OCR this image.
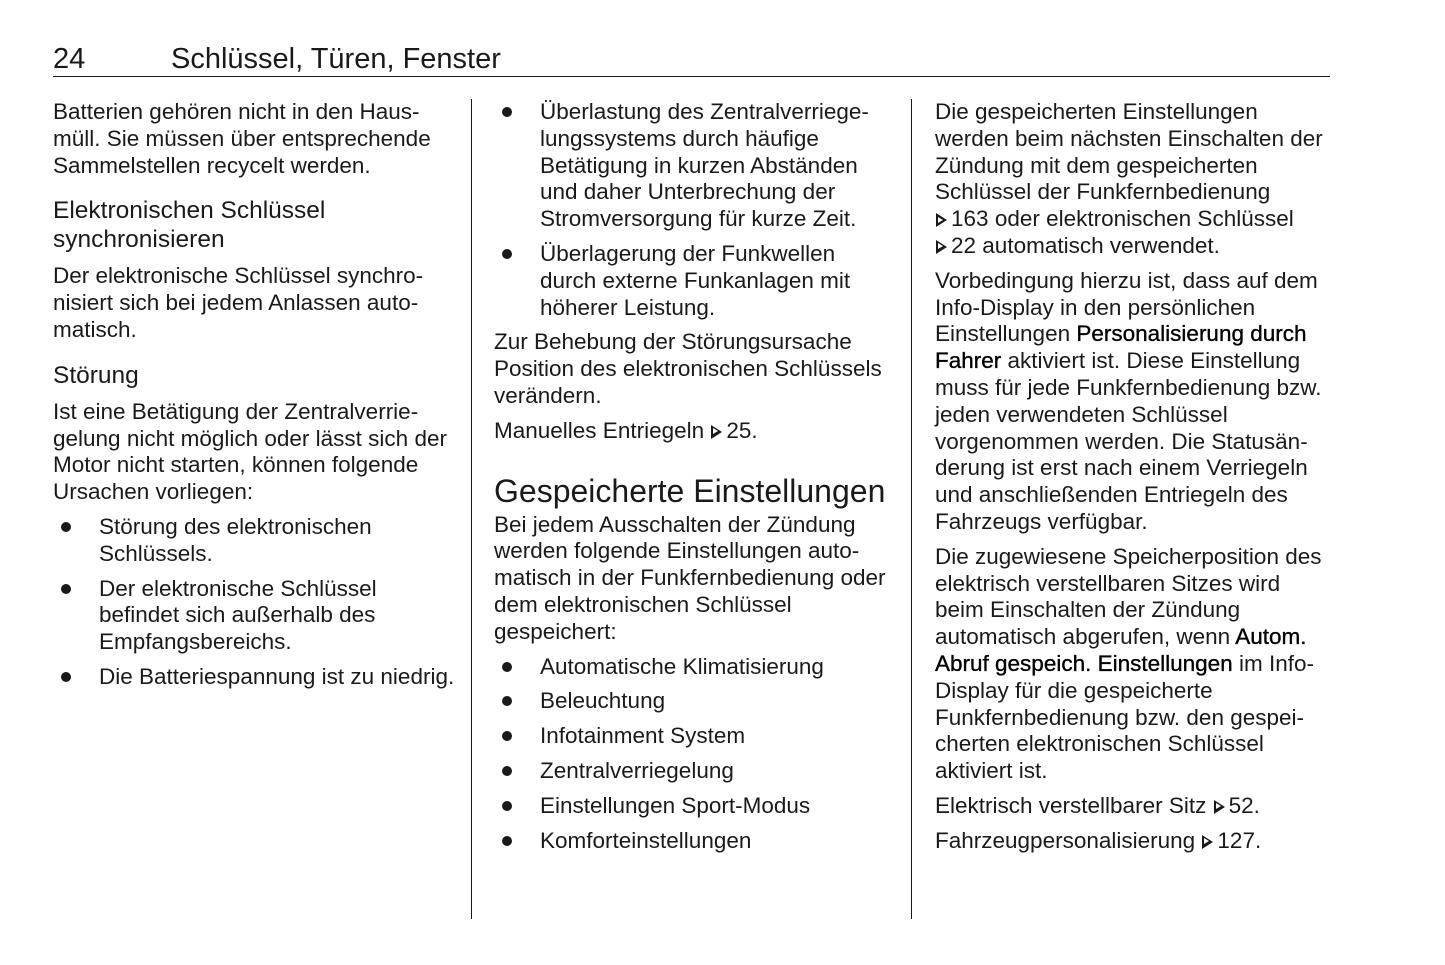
24	Schlüssel, Türen, Fenster

Batterien gehören nicht in den Hausmüll. Sie müssen über entsprechende Sammelstellen recycelt werden.

Elektronischen Schlüssel synchronisieren

Der elektronische Schlüssel synchronisiert sich bei jedem Anlassen automatisch.

Störung

Ist eine Betätigung der Zentralverriegelung nicht möglich oder lässt sich der Motor nicht starten, können folgende Ursachen vorliegen:

Störung des elektronischen Schlüssels.
Der elektronische Schlüssel befindet sich außerhalb des Empfangsbereichs.
Die Batteriespannung ist zu niedrig.
Überlastung des Zentralverriegelungssystems durch häufige Betätigung in kurzen Abständen und daher Unterbrechung der Stromversorgung für kurze Zeit.
Überlagerung der Funkwellen durch externe Funkanlagen mit höherer Leistung.

Zur Behebung der Störungsursache Position des elektronischen Schlüssels verändern.

Manuelles Entriegeln 25.

Gespeicherte Einstellungen

Bei jedem Ausschalten der Zündung werden folgende Einstellungen automatisch in der Funkfernbedienung oder dem elektronischen Schlüssel gespeichert:

Automatische Klimatisierung
Beleuchtung
Infotainment System
Zentralverriegelung
Einstellungen Sport-Modus
Komforteinstellungen

Die gespeicherten Einstellungen werden beim nächsten Einschalten der Zündung mit dem gespeicherten Schlüssel der Funkfernbedienung
163 oder elektronischen Schlüssel
22 automatisch verwendet.

Vorbedingung hierzu ist, dass auf dem Info-Display in den persönlichen Einstellungen Personalisierung durch Fahrer aktiviert ist. Diese Einstellung muss für jede Funkfernbedienung bzw. jeden verwendeten Schlüssel vorgenommen werden. Die Statusänderung ist erst nach einem Verriegeln und anschließenden Entriegeln des Fahrzeugs verfügbar.

Die zugewiesene Speicherposition des elektrisch verstellbaren Sitzes wird beim Einschalten der Zündung automatisch abgerufen, wenn Autom. Abruf gespeich. Einstellungen im Info-Display für die gespeicherte Funkfernbedienung bzw. den gespeicherten elektronischen Schlüssel aktiviert ist.

Elektrisch verstellbarer Sitz 52.

Fahrzeugpersonalisierung 127.
